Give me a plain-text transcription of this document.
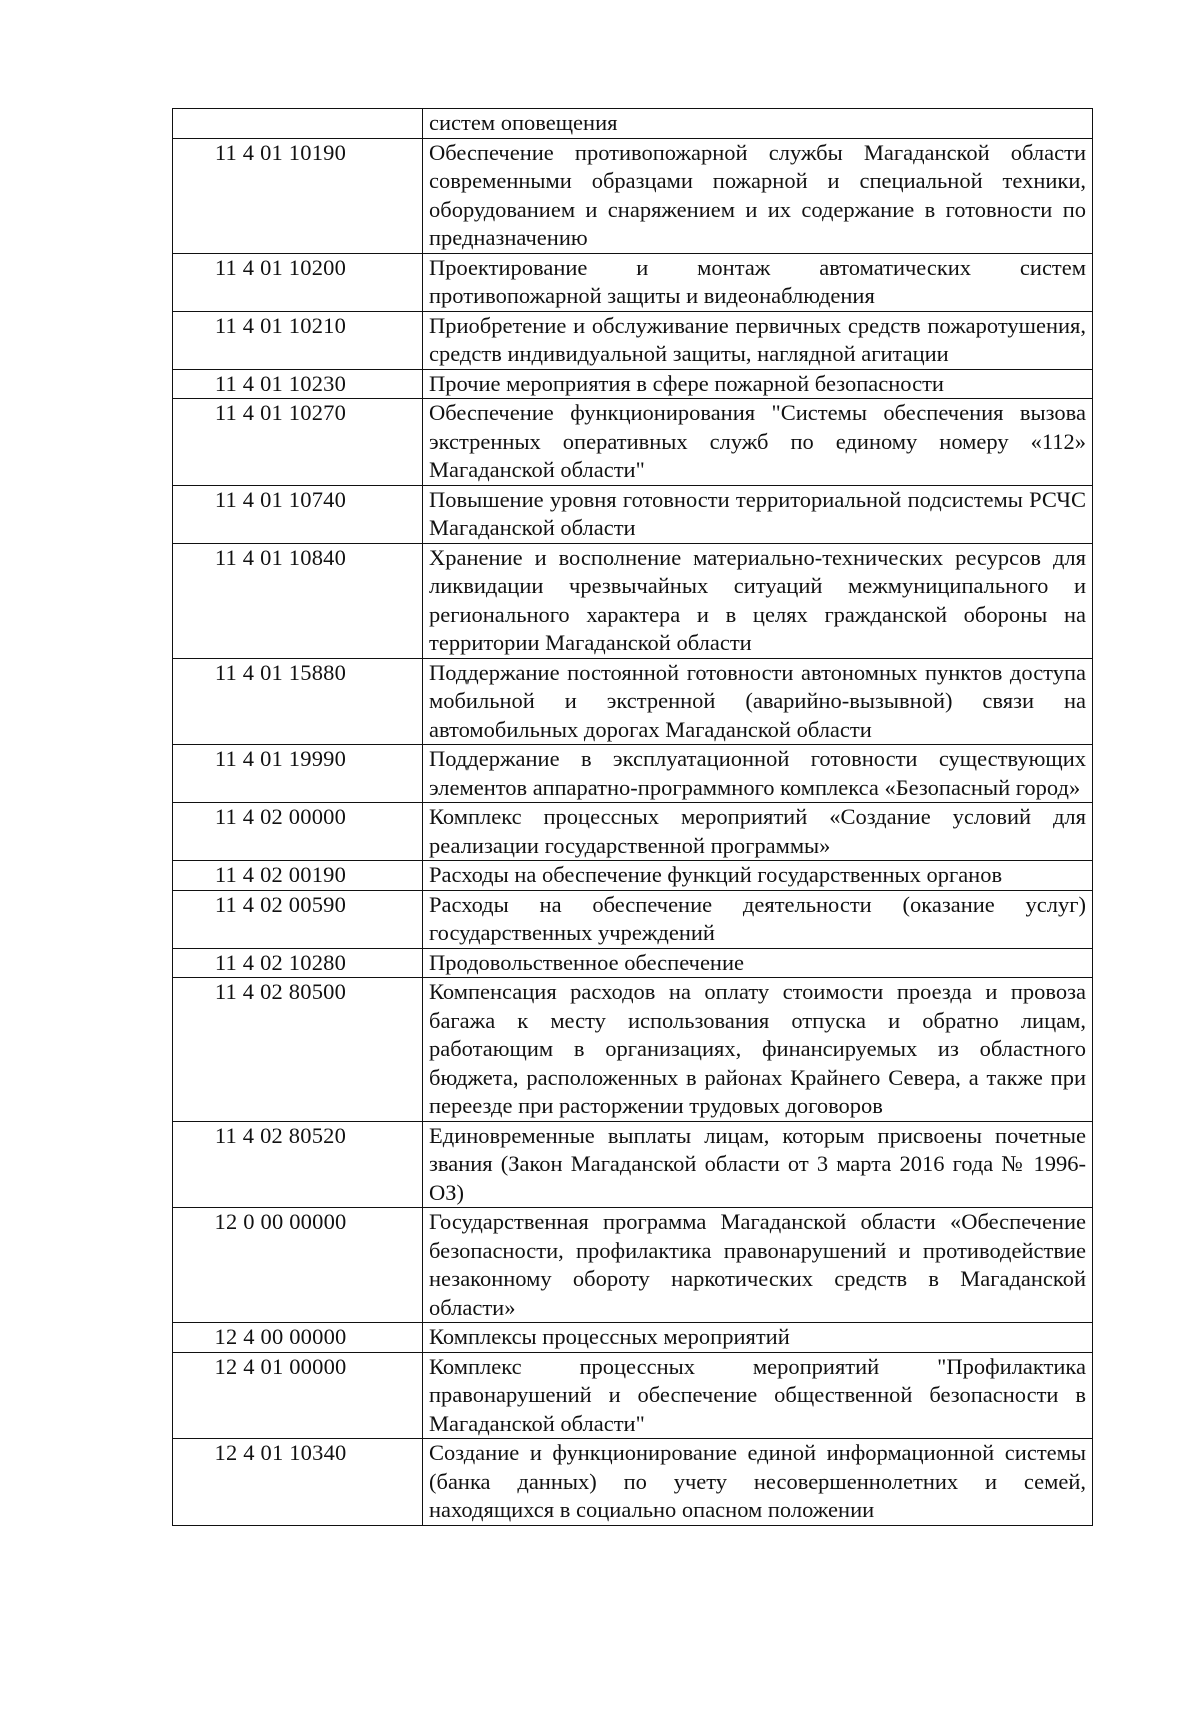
	систем оповещения
11 4 01 10190	Обеспечение противопожарной службы Магаданской области современными образцами пожарной и специальной техники, оборудованием и снаряжением и их содержание в готовности по предназначению
11 4 01 10200	Проектирование и монтаж автоматических систем противопожарной защиты и видеонаблюдения
11 4 01 10210	Приобретение и обслуживание первичных средств пожаротушения, средств индивидуальной защиты, наглядной агитации
11 4 01 10230	Прочие мероприятия в сфере пожарной безопасности
11 4 01 10270	Обеспечение функционирования "Системы обеспечения вызова экстренных оперативных служб по единому номеру «112» Магаданской области"
11 4 01 10740	Повышение уровня готовности территориальной подсистемы РСЧС Магаданской области
11 4 01 10840	Хранение и восполнение материально-технических ресурсов для ликвидации чрезвычайных ситуаций межмуниципального и регионального характера и в целях гражданской обороны на территории Магаданской области
11 4 01 15880	Поддержание постоянной готовности автономных пунктов доступа мобильной и экстренной (аварийно-вызывной) связи на автомобильных дорогах Магаданской области
11 4 01 19990	Поддержание в эксплуатационной готовности существующих элементов аппаратно-программного комплекса «Безопасный город»
11 4 02 00000	Комплекс процессных мероприятий «Создание условий для реализации государственной программы»
11 4 02 00190	Расходы на обеспечение функций государственных органов
11 4 02 00590	Расходы на обеспечение деятельности (оказание услуг) государственных учреждений
11 4 02 10280	Продовольственное обеспечение
11 4 02 80500	Компенсация расходов на оплату стоимости проезда и провоза багажа к месту использования отпуска и обратно лицам, работающим в организациях, финансируемых из областного бюджета, расположенных в районах Крайнего Севера, а также при переезде при расторжении трудовых договоров
11 4 02 80520	Единовременные выплаты лицам, которым присвоены почетные звания (Закон Магаданской области от 3 марта 2016 года № 1996-ОЗ)
12 0 00 00000	Государственная программа Магаданской области «Обеспечение безопасности, профилактика правонарушений и противодействие незаконному обороту наркотических средств в Магаданской области»
12 4 00 00000	Комплексы процессных мероприятий
12 4 01 00000	Комплекс процессных мероприятий "Профилактика правонарушений и обеспечение общественной безопасности в Магаданской области"
12 4 01 10340	Создание и функционирование единой информационной системы (банка данных) по учету несовершеннолетних и семей, находящихся в социально опасном положении
